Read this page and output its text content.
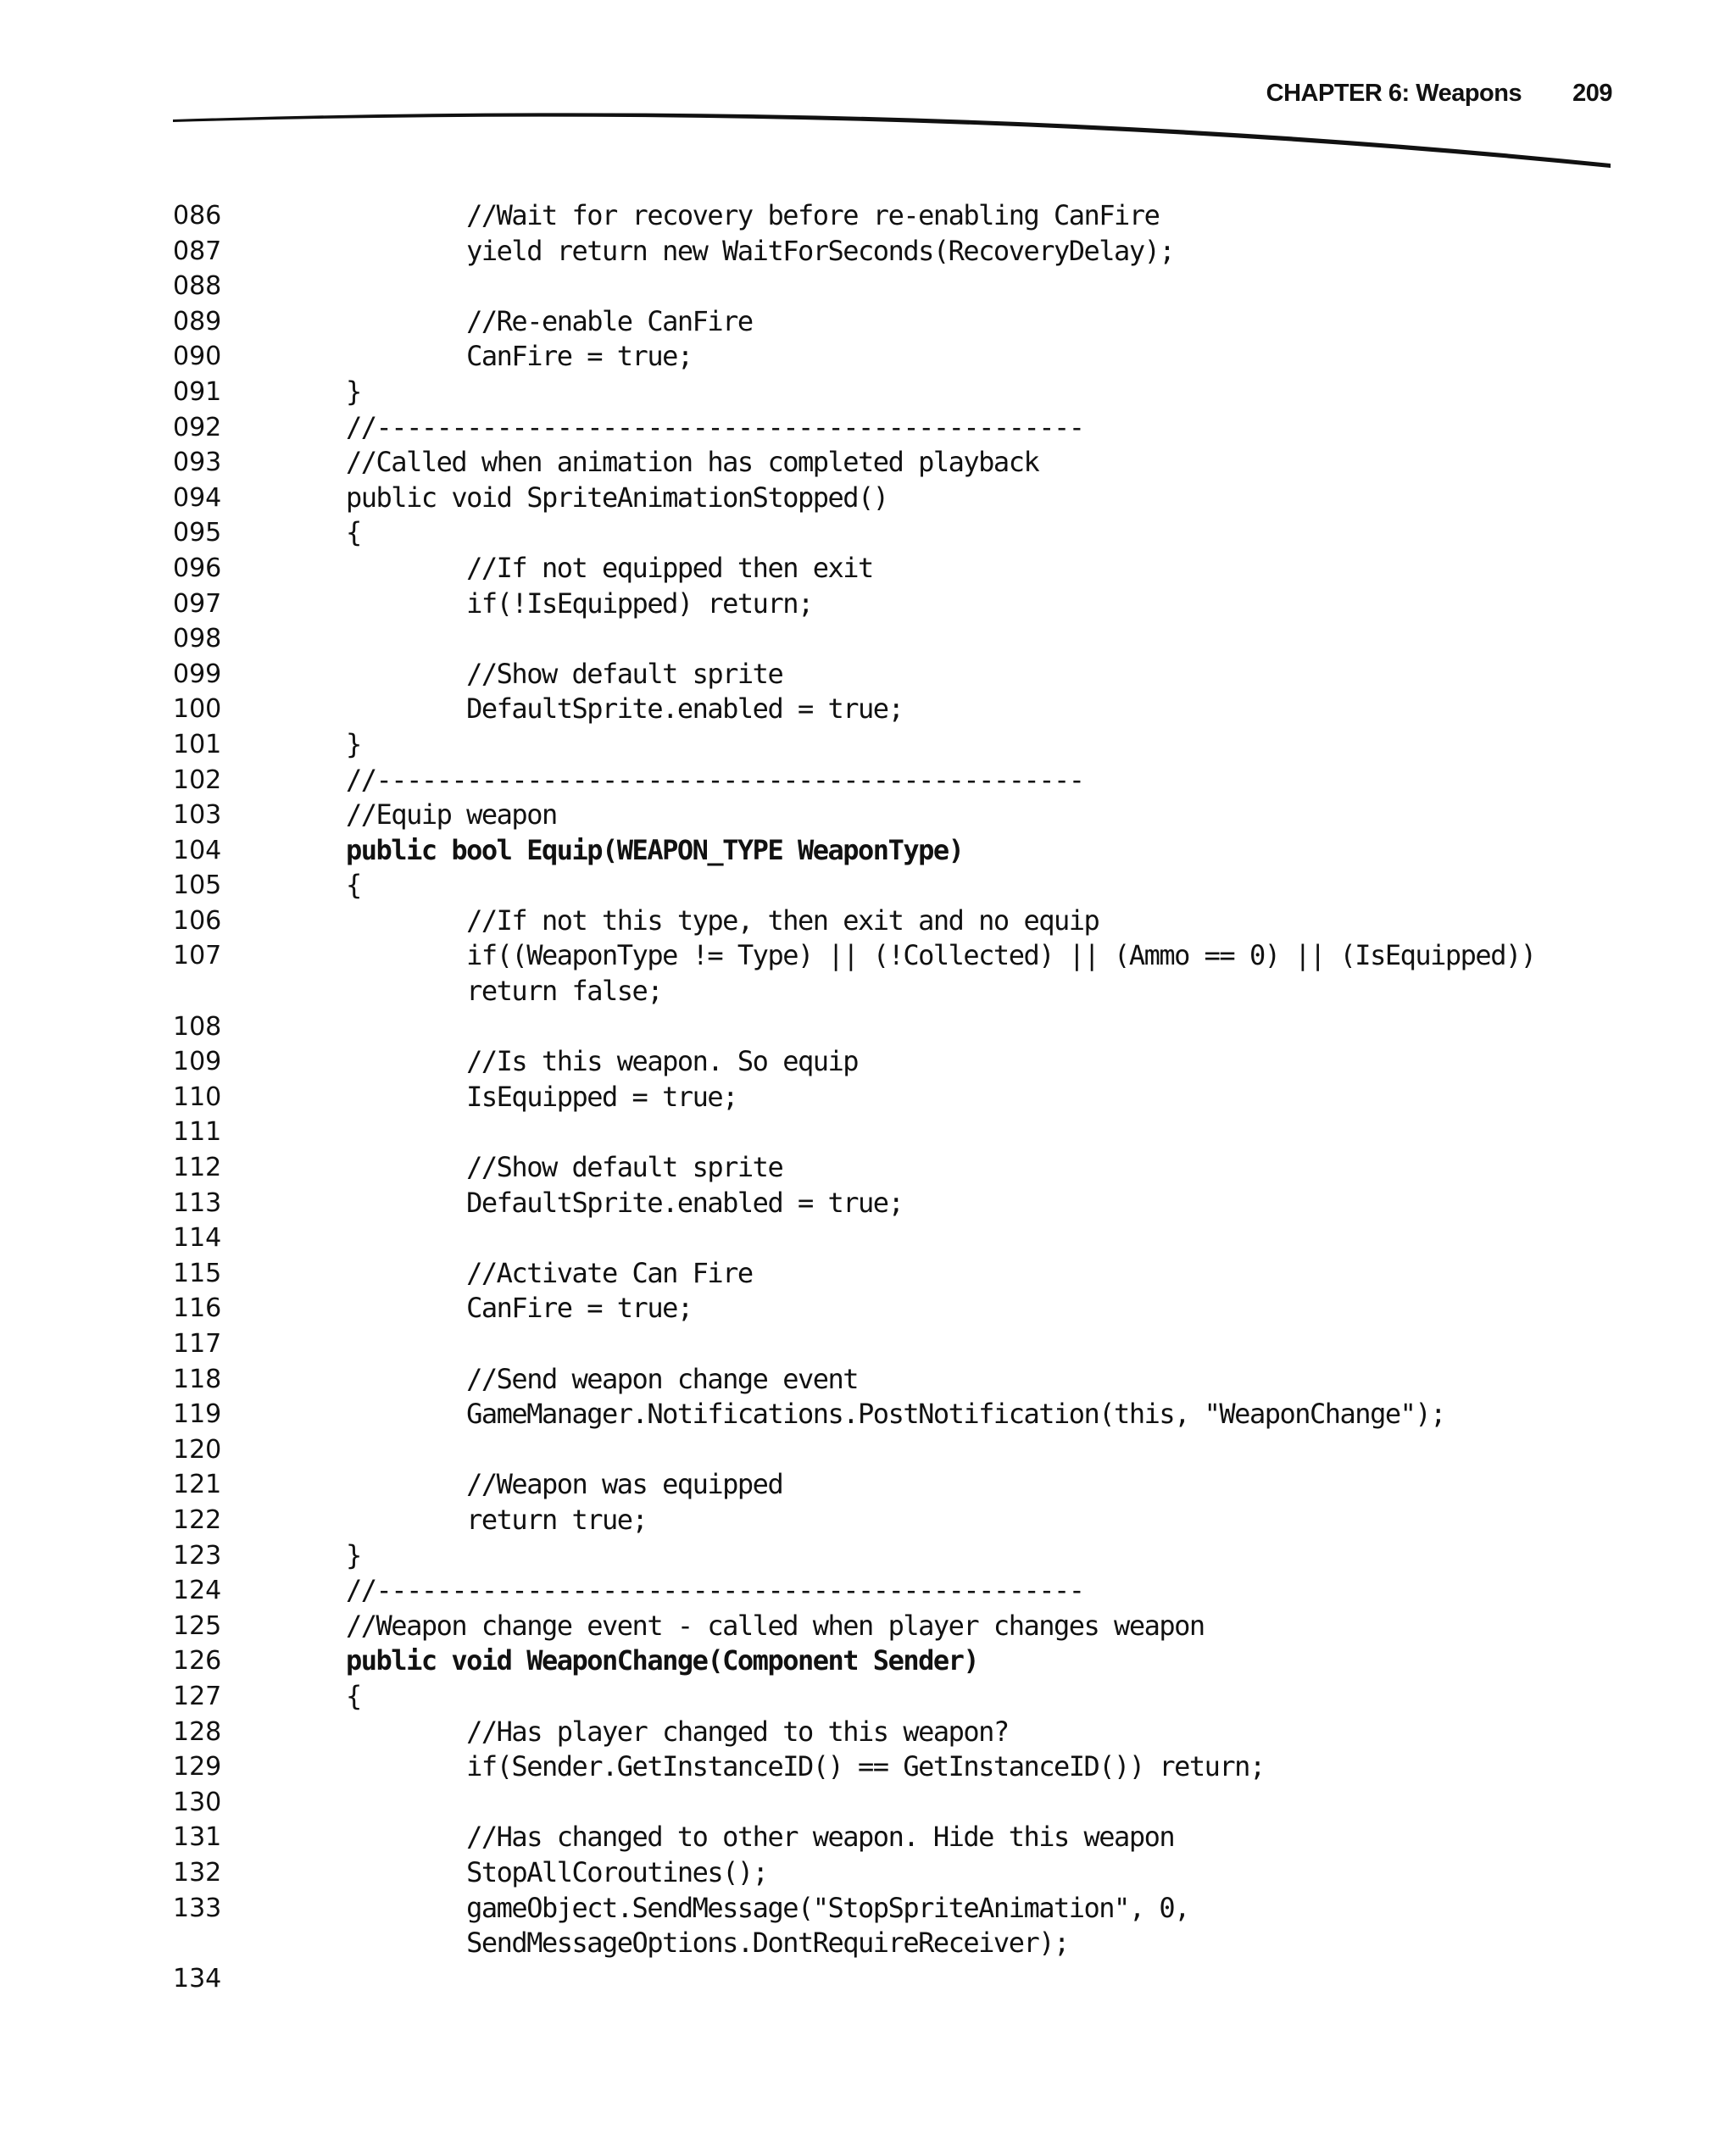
CHAPTER 6: Weapons 209
086	//Wait for recovery before re-enabling CanFire
087	yield return new WaitForSeconds(RecoveryDelay);
088
089	//Re-enable CanFire
090	CanFire = true;
091	}
092	//-----------------------------------------------
093	//Called when animation has completed playback
094	public void SpriteAnimationStopped()
095	{
096	//If not equipped then exit
097	if(!IsEquipped) return;
098
099	//Show default sprite
100	DefaultSprite.enabled = true;
101	}
102	//-----------------------------------------------
103	//Equip weapon
104	public bool Equip(WEAPON_TYPE WeaponType)
105	{
106	//If not this type, then exit and no equip
107	if((WeaponType != Type) || (!Collected) || (Ammo == 0) || (IsEquipped))
return false;
108
109	//Is this weapon. So equip
110	IsEquipped = true;
111
112	//Show default sprite
113	DefaultSprite.enabled = true;
114
115	//Activate Can Fire
116	CanFire = true;
117
118	//Send weapon change event
119	GameManager.Notifications.PostNotification(this, "WeaponChange");
120
121	//Weapon was equipped
122	return true;
123	}
124	//-----------------------------------------------
125	//Weapon change event - called when player changes weapon
126	public void WeaponChange(Component Sender)
127	{
128	//Has player changed to this weapon?
129	if(Sender.GetInstanceID() == GetInstanceID()) return;
130
131	//Has changed to other weapon. Hide this weapon
132	StopAllCoroutines();
133	gameObject.SendMessage("StopSpriteAnimation", 0,
SendMessageOptions.DontRequireReceiver);
134
